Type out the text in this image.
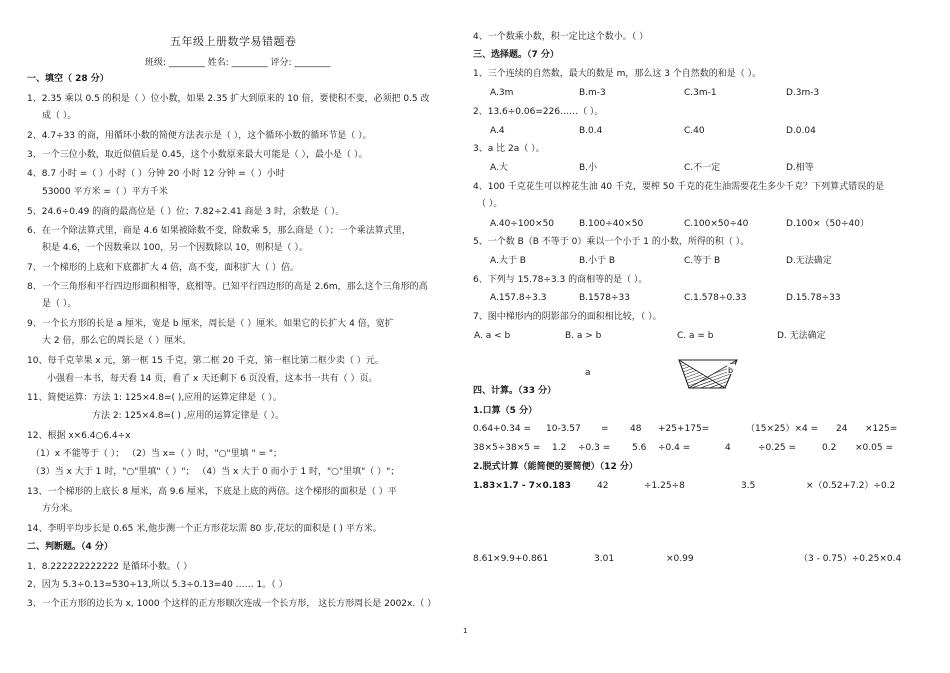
五年级上册数学易错题卷
班级: ________ 姓名: ________ 评分: ________
一、填空（ 28 分）
1、2.35 乘以 0.5 的积是（ ）位小数，如果 2.35 扩大到原来的 10 倍，要使积不变，必须把 0.5 改
成（ ）。
2、4.7÷33 的商，用循环小数的简便方法表示是（ ），这个循环小数的循环节是（ ）。
3、一个三位小数，取近似值后是 0.45，这个小数原来最大可能是（ ），最小是（ ）。
4、8.7 小时 =（ ）小时（ ）分钟 20 小时 12 分钟 =（ ）小时
53000 平方米 =（ ）平方千米
5、24.6÷0.49 的商的最高位是（ ）位；7.82÷2.41 商是 3 时，余数是（ ）。
6、在一个除法算式里，商是 4.6 如果被除数不变，除数乘 5，那么商是（ ）；一个乘法算式里，
积是 4.6，一个因数乘以 100，另一个因数除以 10，则积是（ ）。
7、一个梯形的上底和下底都扩大 4 倍，高不变，面积扩大（ ）倍。
8、一个三角形和平行四边形面积相等，底相等。已知平行四边形的高是 2.6m，那么这个三角形的高
是（ ）。
9、一个长方形的长是 a 厘米，宽是 b 厘米，周长是（ ）厘米。如果它的长扩大 4 倍，宽扩
大 2 倍，那么它的周长是（ ）厘米。
10、每千克苹果 x 元，第一框 15 千克，第二框 20 千克，第一框比第二框少卖（ ）元。
小强看一本书，每天看 14 页，看了 x 天还剩下 6 页没看，这本书一共有（ ）页。
11、简便运算：方法 1: 125×4.8=( ),应用的运算定律是（ ）。
方法 2: 125×4.8=( ) ,应用的运算定律是（ ）。
12、根据 x×6.4○6.4÷x
（1）x 不能等于（ ）； （2）当 x=（ ）时，"○"里填 " = "；
（3）当 x 大于 1 时，"○"里填"（ ）"； （4）当 x 大于 0 而小于 1 时，"○"里填"（ ）"；
13、一个梯形的上底长 8 厘米，高 9.6 厘米，下底是上底的两倍。这个梯形的面积是（ ）平
方分米。
14、李明平均步长是 0.65 米,他步测一个正方形花坛需 80 步,花坛的面积是 ( ) 平方米。
二、判断题。（4 分）
1、8.222222222222 是循环小数。（ ）
2、因为 5.3÷0.13=530÷13,所以 5.3÷0.13=40 …… 1。（ ）
3、一个正方形的边长为 x, 1000 个这样的正方形顺次连成一个长方形， 这长方形周长是 2002x.（ ）
4、一个数乘小数，积一定比这个数小。（ ）
三、选择题。（7 分）
1、三个连续的自然数，最大的数是 m，那么这 3 个自然数的和是（ ）。
A.3m	B.m-3	C.3m-1	D.3m-3
2、13.6÷0.06=226……（ ）。
A.4	B.0.4	C.40	D.0.04
3、a 比 2a（ ）。
A.大	B.小	C.不一定	D.相等
4、100 千克花生可以榨花生油 40 千克，要榨 50 千克的花生油需要花生多少千克？下列算式错误的是
（ ）。
A.40÷100×50	B.100÷40×50	C.100×50÷40	D.100×（50÷40）
5、一个数 B（B 不等于 0）乘以一个小于 1 的小数，所得的积（ ）。
A.大于 B	B.小于 B	C.等于 B	D.无法确定
6、下列与 15.78÷3.3 的商相等的是（ ）。
A.157.8÷3.3	B.1578÷33	C.1.578÷0.33	D.15.78÷33
7、图中梯形内的阴影部分的面积相比较，（ ）。
A. a < b	B. a > b	C. a = b	D. 无法确定
a	b
四、计算。（33 分）
1.口算（5 分）
0.64+0.34 = 10-3.57 = 48 +25+175=	（15×25）×4 = 24 ×125=
38×5÷38×5 = 1.2 ÷0.3 = 5.6 ÷0.4 =	4	÷0.25 =	0.2 ×0.05 =
2.脱式计算（能简便的要简便）（12 分）
1.83×1.7 - 7×0.183	42	÷1.25÷8	3.5	×（0.52+7.2）÷0.2
8.61×9.9+0.861	3.01	×0.99	（3 - 0.75）÷0.25×0.4
1
